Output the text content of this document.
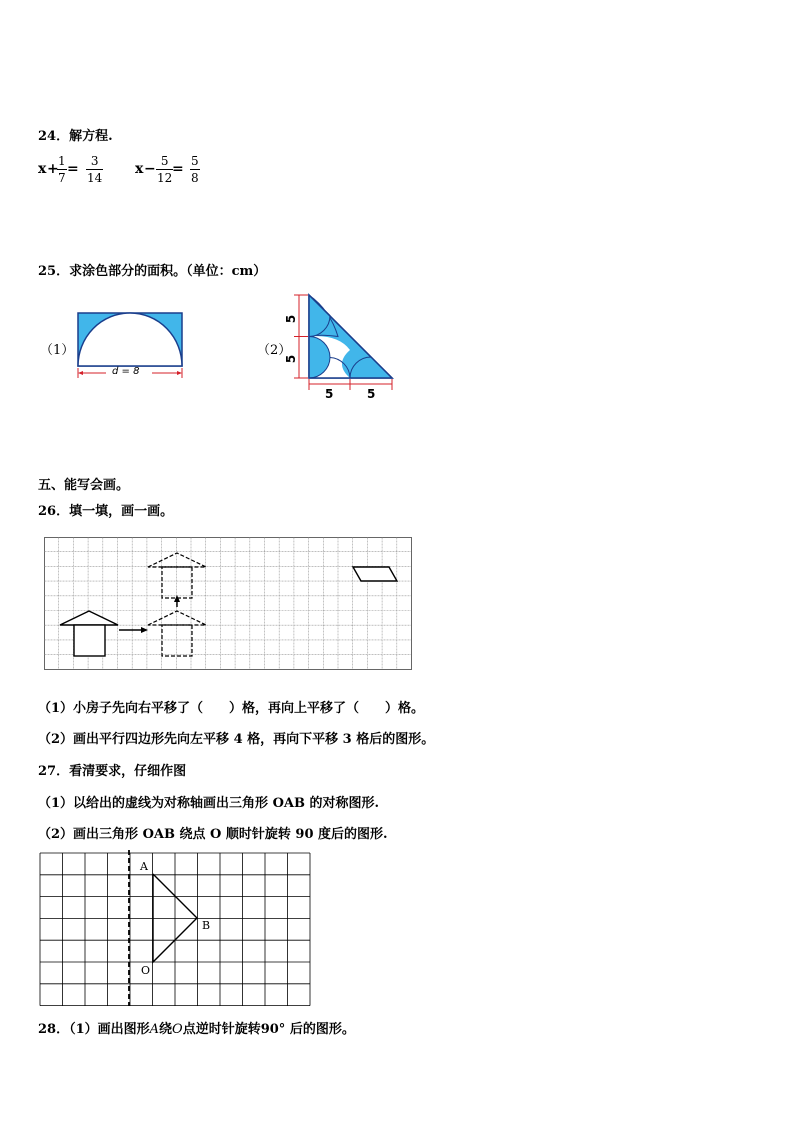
24．解方程.
x + 1
7
=	3
14
x − 5
12
= 5
8
25．求涂色部分的面积。（单位：cm）
（1）
d = 8
（2）
5
5
5	5
五、能写会画。
26．填一填，画一画。
（1）小房子先向右平移了（　　）格，再向上平移了（　　）格。
（2）画出平行四边形先向左平移 4 格，再向下平移 3 格后的图形。
27．看清要求，仔细作图
（1）以给出的虚线为对称轴画出三角形 OAB 的对称图形.
（2）画出三角形 OAB 绕点 O 顺时针旋转 90 度后的图形.
A
B
O
28．（1）画出图形A绕O点逆时针旋转90° 后的图形。
